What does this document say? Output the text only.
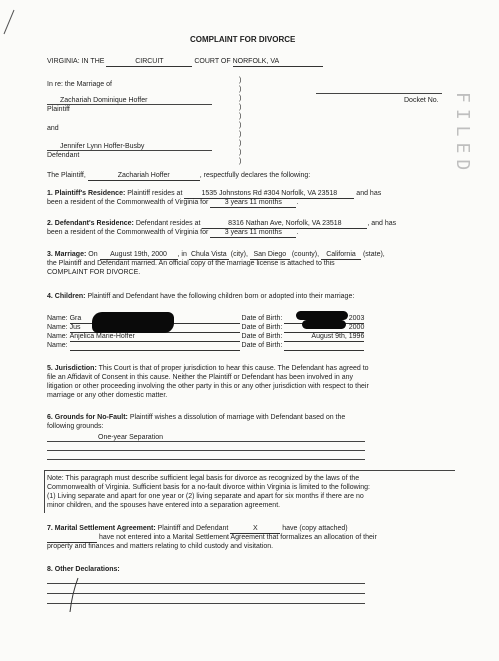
COMPLAINT FOR DIVORCE
VIRGINIA: IN THE	CIRCUIT	COURT OF NORFOLK, VA
In re: the Marriage of
Zachariah Dominique Hoffer
Plaintiff
and
Jennifer Lynn Hoffer-Busby
Defendant
)
)
)
)
)
)
)
)
)
)
Docket No. FILED
The Plaintiff,	Zachariah Hoffer	, respectfully declares the following:
1. Plaintiff's Residence: Plaintiff resides at	1535 Johnstons Rd #304 Norfolk, VA 23518	and has
been a resident of the Commonwealth of Virginia for 3 years 11 months .
2. Defendant's Residence: Defendant resides at	8316 Nathan Ave, Norfolk, VA 23518	, and has
been a resident of the Commonwealth of Virginia for 3 years 11 months .
3. Marriage: On August 19th, 2000 , in Chula Vista (city), San Diego (county), California (state),
the Plaintiff and Defendant married. An official copy of the marriage license is attached to this
COMPLAINT FOR DIVORCE.
4. Children: Plaintiff and Defendant have the following children born or adopted into their marriage:
Name: Gra	Date of Birth:	2003
Name: Jus	Date of Birth:	2000
Name: Anjelica Marie-Hoffer	Date of Birth:	August 9th, 1996
Name:	Date of Birth:
5. Jurisdiction: This Court is that of proper jurisdiction to hear this cause. The Defendant has agreed to
file an Affidavit of Consent in this cause. Neither the Plaintiff or Defendant has been involved in any
litigation or other proceeding involving the other party in this or any other jurisdiction with respect to their
marriage or any other domestic matter.
6. Grounds for No-Fault: Plaintiff wishes a dissolution of marriage with Defendant based on the
following grounds:
One-year Separation
Note: This paragraph must describe sufficient legal basis for divorce as recognized by the laws of the
Commonwealth of Virginia. Sufficient basis for a no-fault divorce within Virginia is limited to the following:
(1) Living separate and apart for one year or (2) living separate and apart for six months if there are no
minor children, and the spouses have entered into a separation agreement.
7. Marital Settlement Agreement: Plaintiff and Defendant	X	have (copy attached)
have not entered into a Marital Settlement Agreement that formalizes an allocation of their
property and finances and matters relating to child custody and visitation.
8. Other Declarations:
